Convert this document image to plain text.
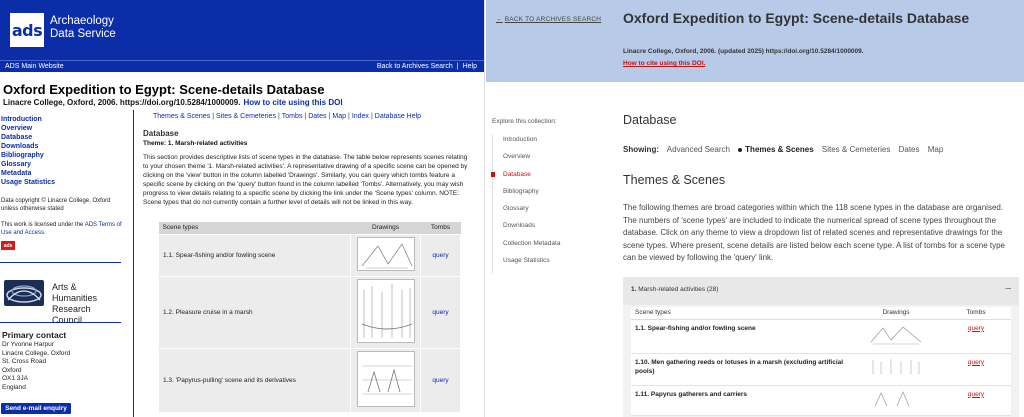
ads Archaeology
Data Service
ADS Main Website	Back to Archives Search | Help
Oxford Expedition to Egypt: Scene-details Database
Linacre College, Oxford, 2006. https://doi.org/10.5284/1000009. How to cite using this DOI
Introduction
Overview
Database
Downloads
Bibliography
Glossary
Metadata
Usage Statistics
Data copyright © Linacre College, Oxford unless otherwise stated
This work is licensed under the ADS Terms of Use and Access.
ads
Arts & Humanities
Research Council
Primary contact
Dr Yvonne Harpur
Linacre College, Oxford
St. Cross Road
Oxford
OX1 3JA
England
Send e-mail enquiry
Themes & Scenes | Sites & Cemeteries | Tombs | Dates | Map | Index | Database Help
Database
Theme: 1. Marsh-related activities
This section provides descriptive lists of scene types in the database. The table below represents scenes relating to your chosen theme '1. Marsh-related activities'. A representative drawing of a specific scene can be opened by clicking on the 'view' button in the column labelled 'Drawings'. Similarly, you can query which tombs feature a specific scene by clicking on the 'query' button found in the column labelled 'Tombs'. Alternatively, you may wish progress to view details relating to a specific scene by clicking the link under the 'Scene types' column. NOTE: Scene types that do not currently contain a further level of details will not be linked in this way.
Scene types	Drawings	Tombs
1.1. Spear-fishing and/or fowling scene		query
1.2. Pleasure cruise in a marsh		query
1.3. 'Papyrus-pulling' scene and its derivatives		query
← BACK TO ARCHIVES SEARCH Oxford Expedition to Egypt: Scene-details Database
Linacre College, Oxford, 2006. (updated 2025) https://doi.org/10.5284/1000009.
How to cite using this DOI.
Explore this collection:
Introduction
Overview
Database
Bibliography
Glossary
Downloads
Collection Metadata
Usage Statistics
Database
Showing: Advanced Search Themes & Scenes Sites & Cemeteries Dates Map
Themes & Scenes
The following themes are broad categories within which the 118 scene types in the database are organised. The numbers of 'scene types' are included to indicate the numerical spread of scene types throughout the database. Click on any theme to view a dropdown list of related scenes and representative drawings for the scene types. Where present, scene details are listed below each scene type. A list of tombs for a scene type can be viewed by following the 'query' link.
1. Marsh-related activities (28)	–
Scene types	Drawings	Tombs
1.1. Spear-fishing and/or fowling scene		query
1.10. Men gathering reeds or lotuses in a marsh (excluding artificial pools)		query
1.11. Papyrus gatherers and carriers		query
